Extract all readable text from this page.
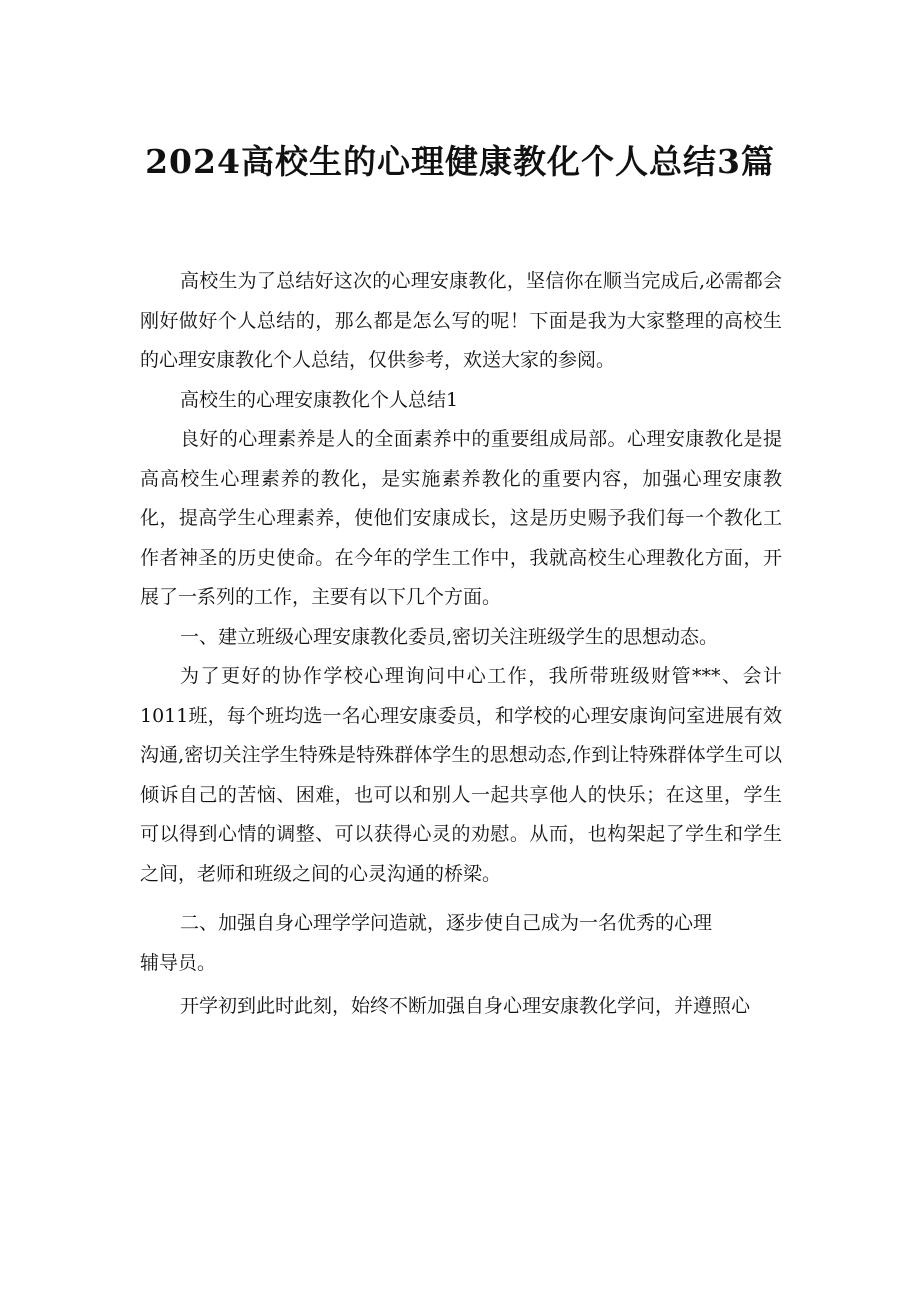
2024高校生的心理健康教化个人总结3篇

高校生为了总结好这次的心理安康教化，坚信你在顺当完成后,必需都会刚好做好个人总结的，那么都是怎么写的呢！下面是我为大家整理的高校生的心理安康教化个人总结，仅供参考，欢送大家的参阅。

高校生的心理安康教化个人总结1

良好的心理素养是人的全面素养中的重要组成局部。心理安康教化是提高高校生心理素养的教化，是实施素养教化的重要内容，加强心理安康教化，提高学生心理素养，使他们安康成长，这是历史赐予我们每一个教化工作者神圣的历史使命。在今年的学生工作中，我就高校生心理教化方面，开展了一系列的工作，主要有以下几个方面。

一、建立班级心理安康教化委员,密切关注班级学生的思想动态。

为了更好的协作学校心理询问中心工作，我所带班级财管***、会计1011班，每个班均选一名心理安康委员，和学校的心理安康询问室进展有效沟通,密切关注学生特殊是特殊群体学生的思想动态,作到让特殊群体学生可以倾诉自己的苦恼、困难，也可以和别人一起共享他人的快乐；在这里，学生可以得到心情的调整、可以获得心灵的劝慰。从而，也构架起了学生和学生之间，老师和班级之间的心灵沟通的桥梁。

二、加强自身心理学学问造就，逐步使自己成为一名优秀的心理

辅导员。

开学初到此时此刻，始终不断加强自身心理安康教化学问，并遵照心
